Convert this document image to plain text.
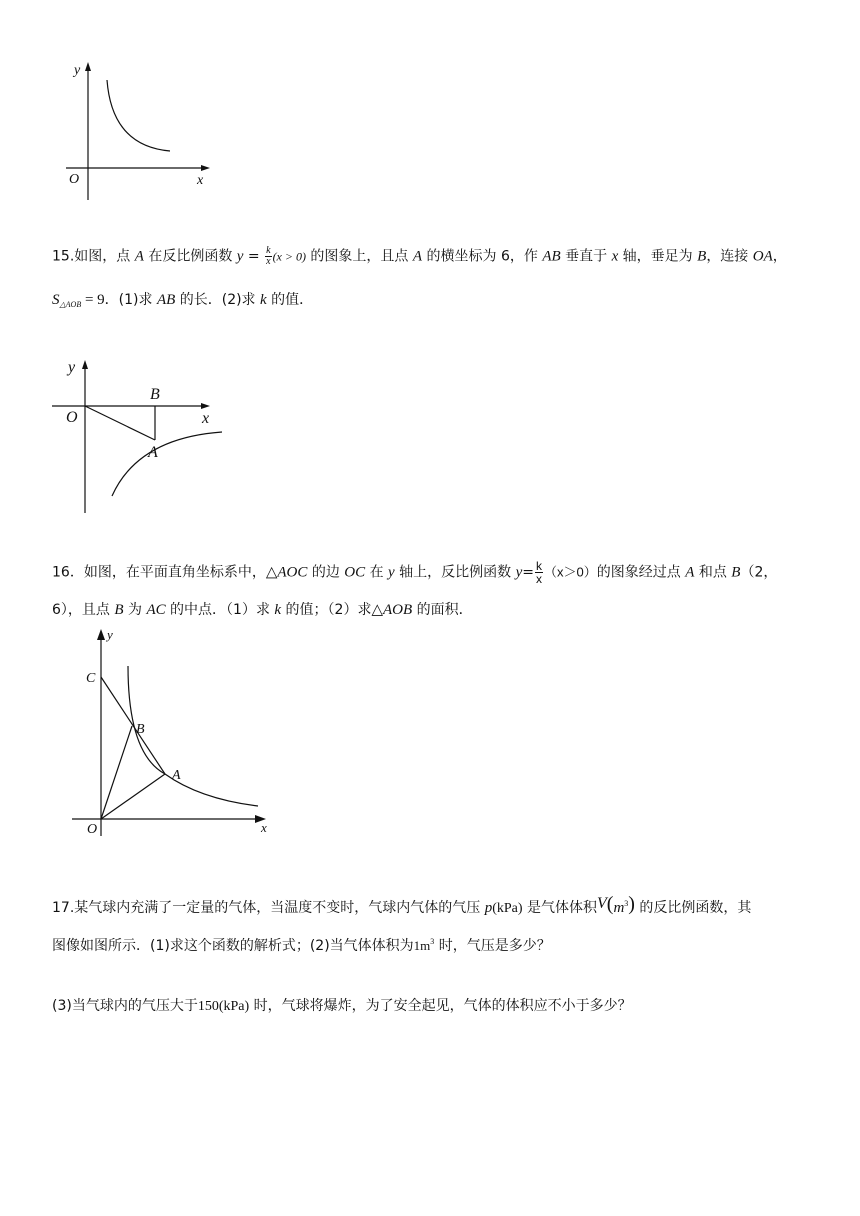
y
x
O
15.如图，点 A 在反比例函数 $y = \frac{k}{x} (x > 0)$ 的图象上，且点 A 的横坐标为 6，作 AB 垂直于 x 轴，垂足为 B，连接 OA，
$S_{\triangle AOB} = 9$．(1)求 AB 的长．(2)求 k 的值．
y
x
O
B
A
16．如图，在平面直角坐标系中，△AOC 的边 OC 在 y 轴上，反比例函数 $y= \frac{k}{x} (x>0)$的图象经过点 A 和点 B（2，
6），且点 B 为 AC 的中点．（1）求 k 的值；（2）求△AOB 的面积．
y
x
O
C
B
A
17.某气球内充满了一定量的气体，当温度不变时，气球内气体的气压 p(kPa) 是气体体积$V(m^3)$ 的反比例函数，其
图像如图所示．(1)求这个函数的解析式；(2)当气体体积为$1m^3$ 时，气压是多少？
(3)当气球内的气压大于150(kPa) 时，气球将爆炸，为了安全起见，气体的体积应不小于多少？
